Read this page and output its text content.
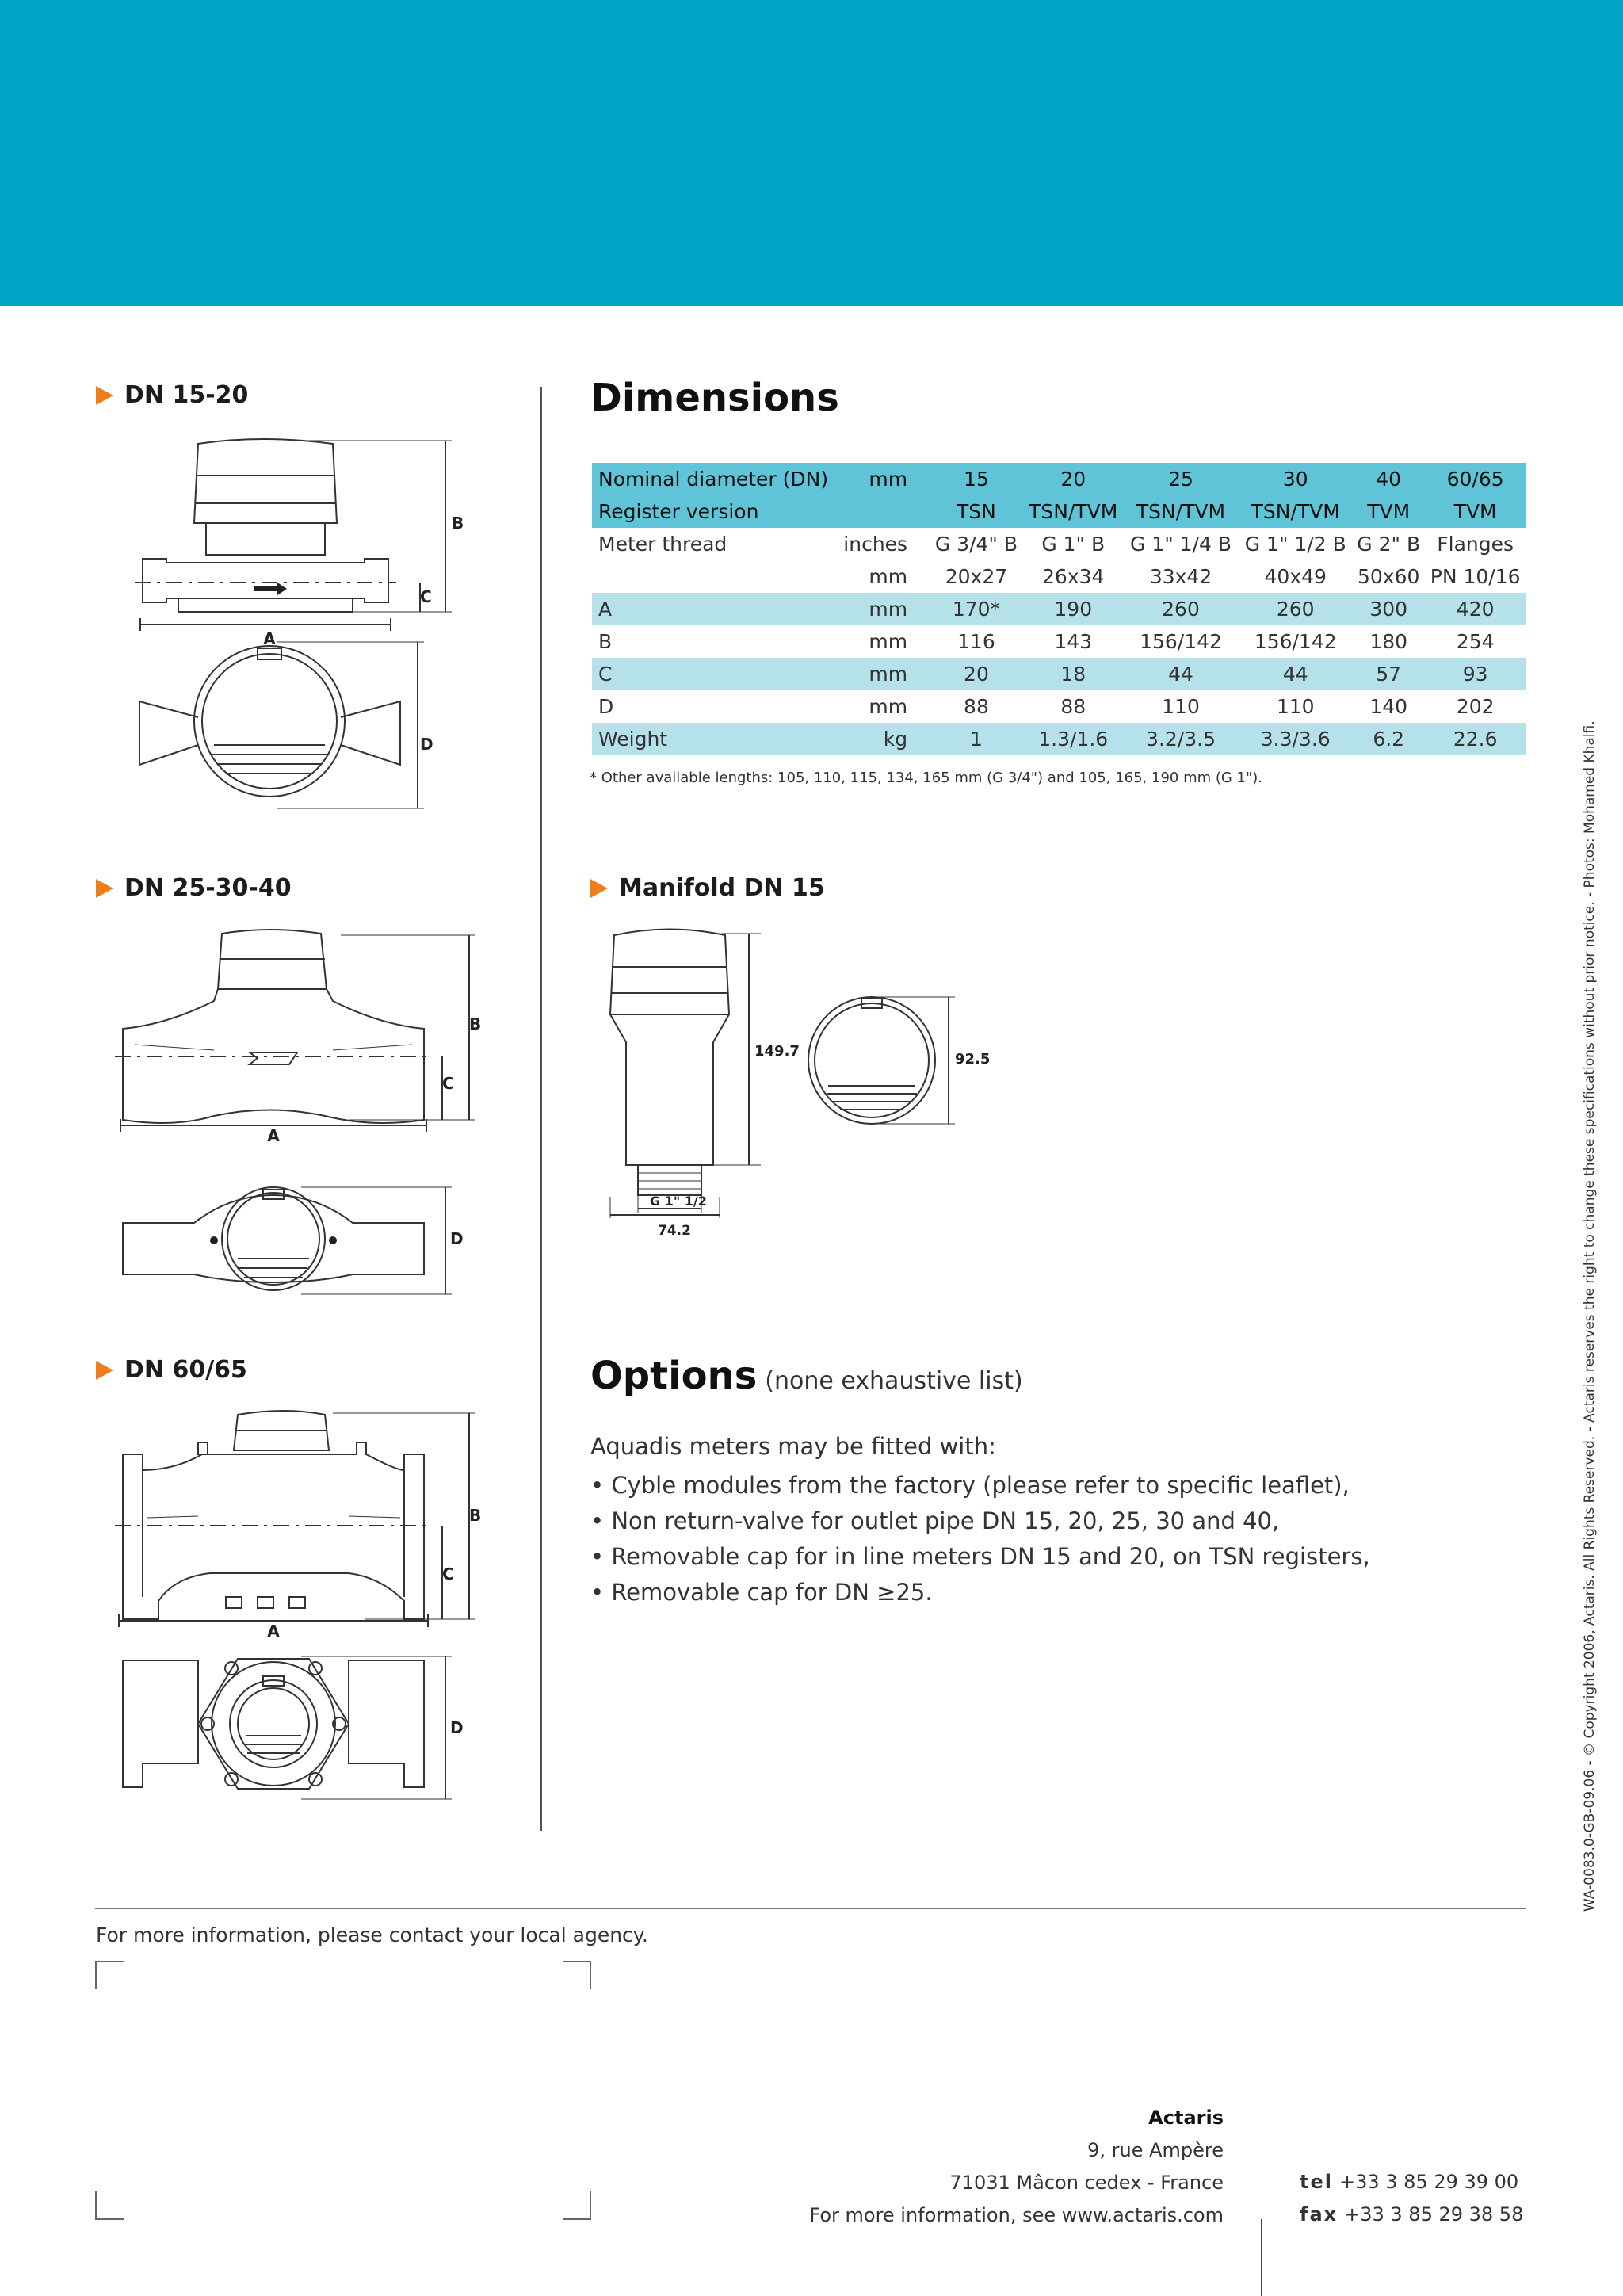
DN 15-20
DN 25-30-40
DN 60/65
Manifold DN 15
A
B
C
D
A
B
C
D
A
B
C
D
Dimensions
Nominal diameter (DN)	mm	15	20	25	30	40	60/65
Register version		TSN	TSN/TVM	TSN/TVM	TSN/TVM	TVM	TVM
Meter thread	inches	G 3/4" B	G 1" B	G 1" 1/4 B	G 1" 1/2 B	G 2" B	Flanges
	mm	20x27	26x34	33x42	40x49	50x60	PN 10/16
A	mm	170*	190	260	260	300	420
B	mm	116	143	156/142	156/142	180	254
C	mm	20	18	44	44	57	93
D	mm	88	88	110	110	140	202
Weight	kg	1	1.3/1.6	3.2/3.5	3.3/3.6	6.2	22.6
* Other available lengths: 105, 110, 115, 134, 165 mm (G 3/4") and 105, 165, 190 mm (G 1").
149.7	92.5
G 1" 1/2
74.2
Options (none exhaustive list)
Aquadis meters may be fitted with:
• Cyble modules from the factory (please refer to specific leaflet),
• Non return-valve for outlet pipe DN 15, 20, 25, 30 and 40,
• Removable cap for in line meters DN 15 and 20, on TSN registers,
• Removable cap for DN ≥25.
For more information, please contact your local agency.
Actaris
9, rue Ampère
71031 Mâcon cedex - France
For more information, see www.actaris.com
tel +33 3 85 29 39 00
fax +33 3 85 29 38 58
WA-0083.0-GB-09.06 - © Copyright 2006, Actaris. All Rights Reserved. - Actaris reserves the right to change these specifications without prior notice. - Photos: Mohamed Khalfi.
